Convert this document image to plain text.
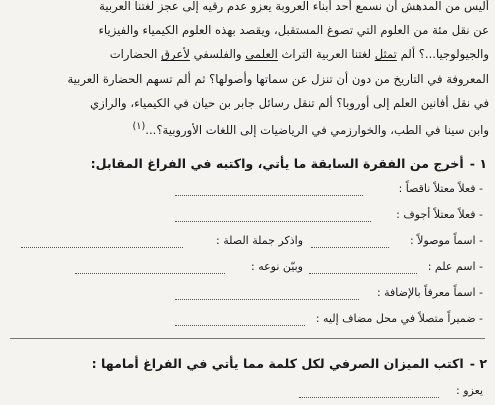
أليس من المدهش أن نسمع أحد أبناء العروبة يعزو عدم رقيه إلى عجز لغتنا العربية
عن نقل مئة من العلوم التي تصوغ المستقبل، ويقصد بهذه العلوم الكيمياء والفيزياء
والجيولوجيا...؟ ألم تمثل لغتنا العربية التراث العلمي والفلسفي لأعرق الحضارات
المعروفة في التاريخ من دون أن تنزل عن سماتها وأصولها؟ ثم ألم تسهم الحضارة العربية
في نقل أفانين العلم إلى أوروبا؟ ألم تنقل رسائل جابر بن حيان في الكيمياء، والرازي
وابن سينا في الطب، والخوارزمي في الرياضيات إلى اللغات الأوروبية؟...$^{(١)}$

١ -أخرج من الفقرة السابقة ما يأتي، واكتبه في الفراغ المقابل:

- فعلاً معتلاً ناقصاً :

- فعلاً معتلاً أجوف :

- اسماً موصولاً :

واذكر جملة الصلة :

- اسم علم :

وبيّن نوعه :

- اسماً معرفاً بالإضافة :

- ضميراً متصلاً في محل مضاف إليه :

٢ -اكتب الميزان الصرفي لكل كلمة مما يأتي في الفراغ أمامها :

يعزو :
